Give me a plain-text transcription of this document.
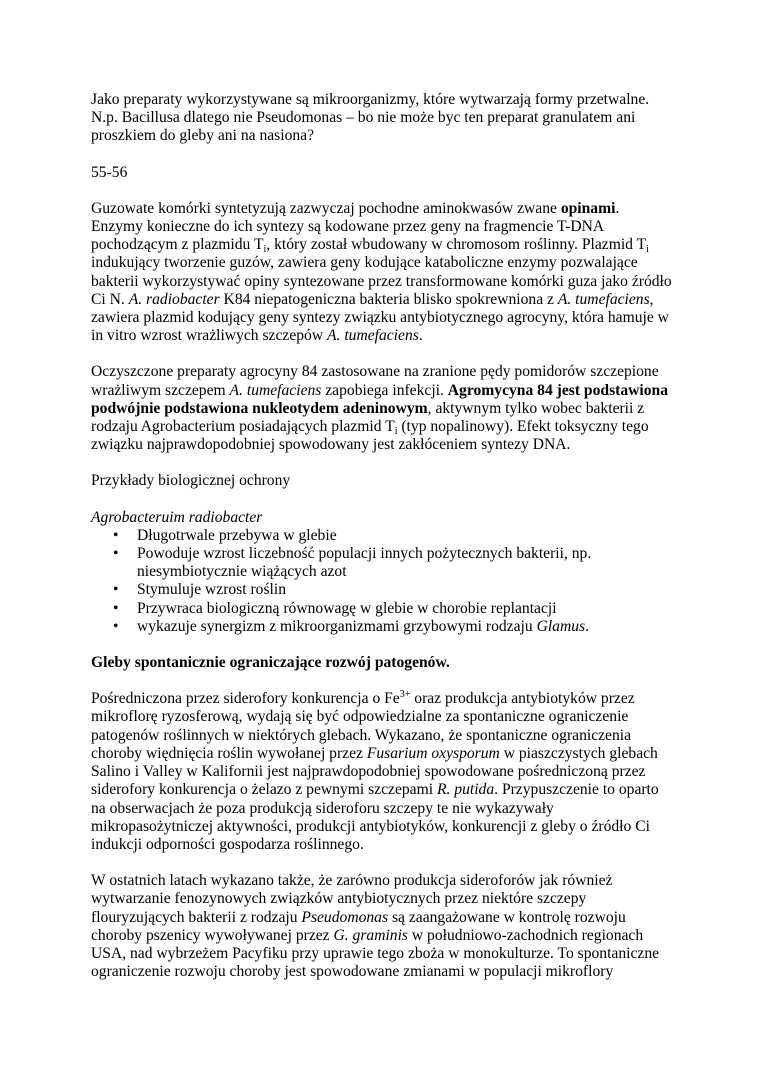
Jako preparaty wykorzystywane są mikroorganizmy, które wytwarzają formy przetwalne. N.p. Bacillusa dlatego nie Pseudomonas – bo nie może byc ten preparat granulatem ani proszkiem do gleby ani na nasiona?

55-56

Guzowate komórki syntetyzują zazwyczaj pochodne aminokwasów zwane opinami. Enzymy konieczne do ich syntezy są kodowane przez geny na fragmencie T-DNA pochodzącym z plazmidu $T_i$, który został wbudowany w chromosom roślinny. Plazmid $T_i$ indukujący tworzenie guzów, zawiera geny kodujące kataboliczne enzymy pozwalające bakterii wykorzystywać opiny syntezowane przez transformowane komórki guza jako źródło Ci N. A. radiobacter K84 niepatogeniczna bakteria blisko spokrewniona z A. tumefaciens, zawiera plazmid kodujący geny syntezy związku antybiotycznego agrocyny, która hamuje w in vitro wzrost wrażliwych szczepów A. tumefaciens.

Oczyszczone preparaty agrocyny 84 zastosowane na zranione pędy pomidorów szczepione wrażliwym szczepem A. tumefaciens zapobiega infekcji. Agromycyna 84 jest podstawiona podwójnie podstawiona nukleotydem adeninowym, aktywnym tylko wobec bakterii z rodzaju Agrobacterium posiadających plazmid $T_i$ (typ nopalinowy). Efekt toksyczny tego związku najprawdopodobniej spowodowany jest zakłóceniem syntezy DNA.

Przykłady biologicznej ochrony

Agrobacteruim radiobacter

• Długotrwale przebywa w glebie
• Powoduje wzrost liczebność populacji innych pożytecznych bakterii, np. niesymbiotycznie wiążących azot
• Stymuluje wzrost roślin
• Przywraca biologiczną równowagę w glebie w chorobie replantacji
• wykazuje synergizm z mikroorganizmami grzybowymi rodzaju Glamus.

Gleby spontanicznie ograniczające rozwój patogenów.

Pośredniczona przez siderofory konkurencja o $Fe^{3+}$ oraz produkcja antybiotyków przez mikroflorę ryzosferową, wydają się być odpowiedzialne za spontaniczne ograniczenie patogenów roślinnych w niektórych glebach. Wykazano, że spontaniczne ograniczenia choroby więdnięcia roślin wywołanej przez Fusarium oxysporum w piaszczystych glebach Salino i Valley w Kalifornii jest najprawdopodobniej spowodowane pośredniczoną przez siderofory konkurencja o żelazo z pewnymi szczepami R. putida. Przypuszczenie to oparto na obserwacjach że poza produkcją sideroforu szczepy te nie wykazywały mikropasożytniczej aktywności, produkcji antybiotyków, konkurencji z gleby o źródło Ci indukcji odporności gospodarza roślinnego.

W ostatnich latach wykazano także, że zarówno produkcja sideroforów jak również wytwarzanie fenozynowych związków antybiotycznych przez niektóre szczepy flouryzujących bakterii z rodzaju Pseudomonas są zaangażowane w kontrolę rozwoju choroby pszenicy wywoływanej przez G. graminis w południowo-zachodnich regionach USA, nad wybrzeżem Pacyfiku przy uprawie tego zboża w monokulturze. To spontaniczne ograniczenie rozwoju choroby jest spowodowane zmianami w populacji mikroflory
